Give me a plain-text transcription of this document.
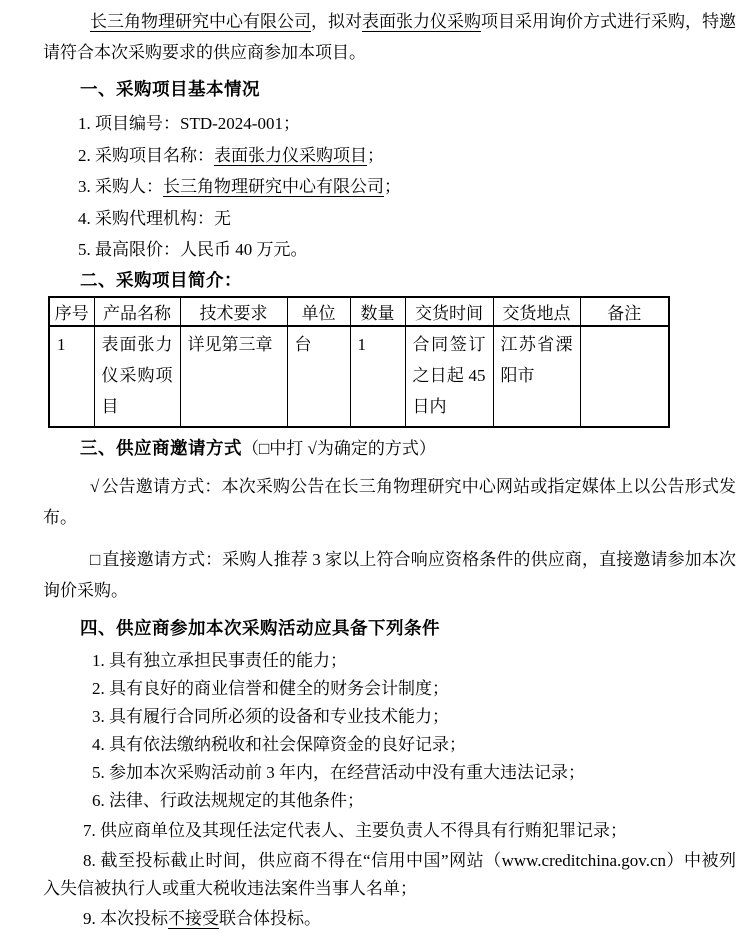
长三角物理研究中心有限公司，拟对表面张力仪采购项目采用询价方式进行采购，特邀请符合本次采购要求的供应商参加本项目。

一、采购项目基本情况

1. 项目编号：STD-2024-001；

2. 采购项目名称：表面张力仪采购项目；

3. 采购人：长三角物理研究中心有限公司；

4. 采购代理机构：无

5. 最高限价：人民币 40 万元。

二、采购项目简介：
序号	产品名称	技术要求	单位	数量	交货时间	交货地点	备注
1	表面张力仪采购项目	详见第三章	台	1	合同签订之日起 45 日内	江苏省溧阳市	
三、供应商邀请方式（□中打 √为确定的方式）

√ 公告邀请方式：本次采购公告在长三角物理研究中心网站或指定媒体上以公告形式发布。

□ 直接邀请方式：采购人推荐 3 家以上符合响应资格条件的供应商，直接邀请参加本次询价采购。

四、供应商参加本次采购活动应具备下列条件

1. 具有独立承担民事责任的能力；

2. 具有良好的商业信誉和健全的财务会计制度；

3. 具有履行合同所必须的设备和专业技术能力；

4. 具有依法缴纳税收和社会保障资金的良好记录；

5. 参加本次采购活动前 3 年内，在经营活动中没有重大违法记录；

6. 法律、行政法规规定的其他条件；

7. 供应商单位及其现任法定代表人、主要负责人不得具有行贿犯罪记录；

8. 截至投标截止时间，供应商不得在“信用中国”网站（www.creditchina.gov.cn）中被列入失信被执行人或重大税收违法案件当事人名单；

9. 本次投标不接受联合体投标。
